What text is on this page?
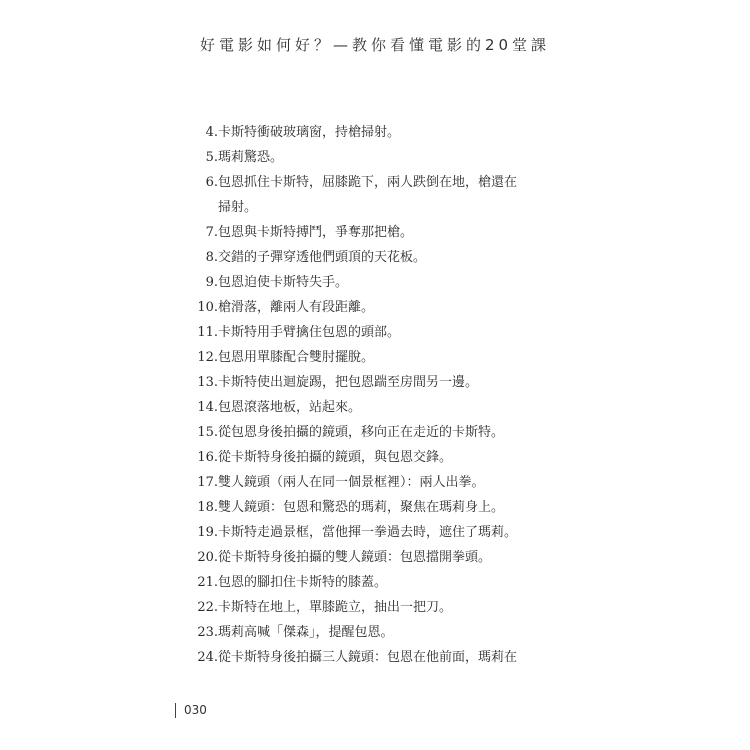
好電影如何好？—教你看懂電影的20堂課
4. 卡斯特衝破玻璃窗，持槍掃射。
5. 瑪莉驚恐。
6. 包恩抓住卡斯特，屈膝跪下，兩人跌倒在地，槍還在
掃射。
7. 包恩與卡斯特搏鬥，爭奪那把槍。
8. 交錯的子彈穿透他們頭頂的天花板。
9. 包恩迫使卡斯特失手。
10. 槍滑落，離兩人有段距離。
11. 卡斯特用手臂擒住包恩的頭部。
12. 包恩用單膝配合雙肘擺脫。
13. 卡斯特使出迴旋踢，把包恩踹至房間另一邊。
14. 包恩滾落地板，站起來。
15. 從包恩身後拍攝的鏡頭，移向正在走近的卡斯特。
16. 從卡斯特身後拍攝的鏡頭，與包恩交鋒。
17. 雙人鏡頭（兩人在同一個景框裡）：兩人出拳。
18. 雙人鏡頭：包恩和驚恐的瑪莉，聚焦在瑪莉身上。
19. 卡斯特走過景框，當他揮一拳過去時，遮住了瑪莉。
20. 從卡斯特身後拍攝的雙人鏡頭：包恩擋開拳頭。
21. 包恩的腳扣住卡斯特的膝蓋。
22. 卡斯特在地上，單膝跪立，抽出一把刀。
23. 瑪莉高喊「傑森」，提醒包恩。
24. 從卡斯特身後拍攝三人鏡頭：包恩在他前面，瑪莉在
030
